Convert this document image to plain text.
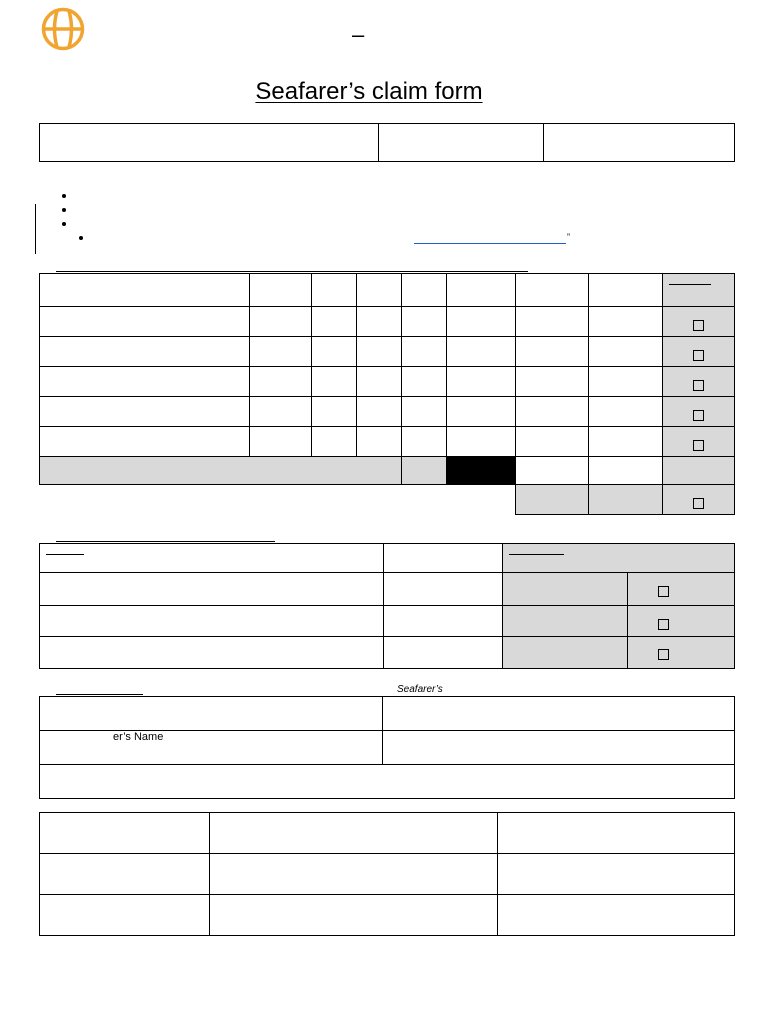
–
Seafarer’s claim form
”
Seafarer’s
er’s Name
